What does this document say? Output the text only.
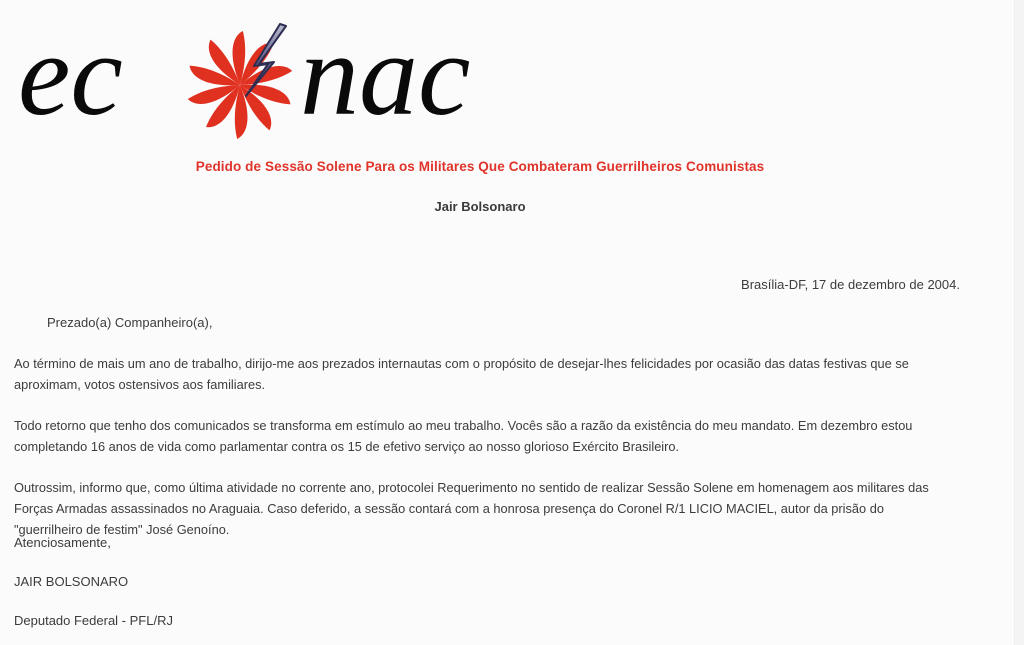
ec nac
Pedido de Sessão Solene Para os Militares Que Combateram Guerrilheiros Comunistas
Jair Bolsonaro
Brasília-DF, 17 de dezembro de 2004.
Prezado(a) Companheiro(a),

Ao término de mais um ano de trabalho, dirijo-me aos prezados internautas com o propósito de desejar-lhes felicidades por ocasião das datas festivas que se aproximam, votos ostensivos aos familiares.

Todo retorno que tenho dos comunicados se transforma em estímulo ao meu trabalho. Vocês são a razão da existência do meu mandato. Em dezembro estou completando 16 anos de vida como parlamentar contra os 15 de efetivo serviço ao nosso glorioso Exército Brasileiro.

Outrossim, informo que, como última atividade no corrente ano, protocolei Requerimento no sentido de realizar Sessão Solene em homenagem aos militares das Forças Armadas assassinados no Araguaia. Caso deferido, a sessão contará com a honrosa presença do Coronel R/1 LICIO MACIEL, autor da prisão do "guerrilheiro de festim" José Genoíno.

Atenciosamente,

JAIR BOLSONARO

Deputado Federal - PFL/RJ
